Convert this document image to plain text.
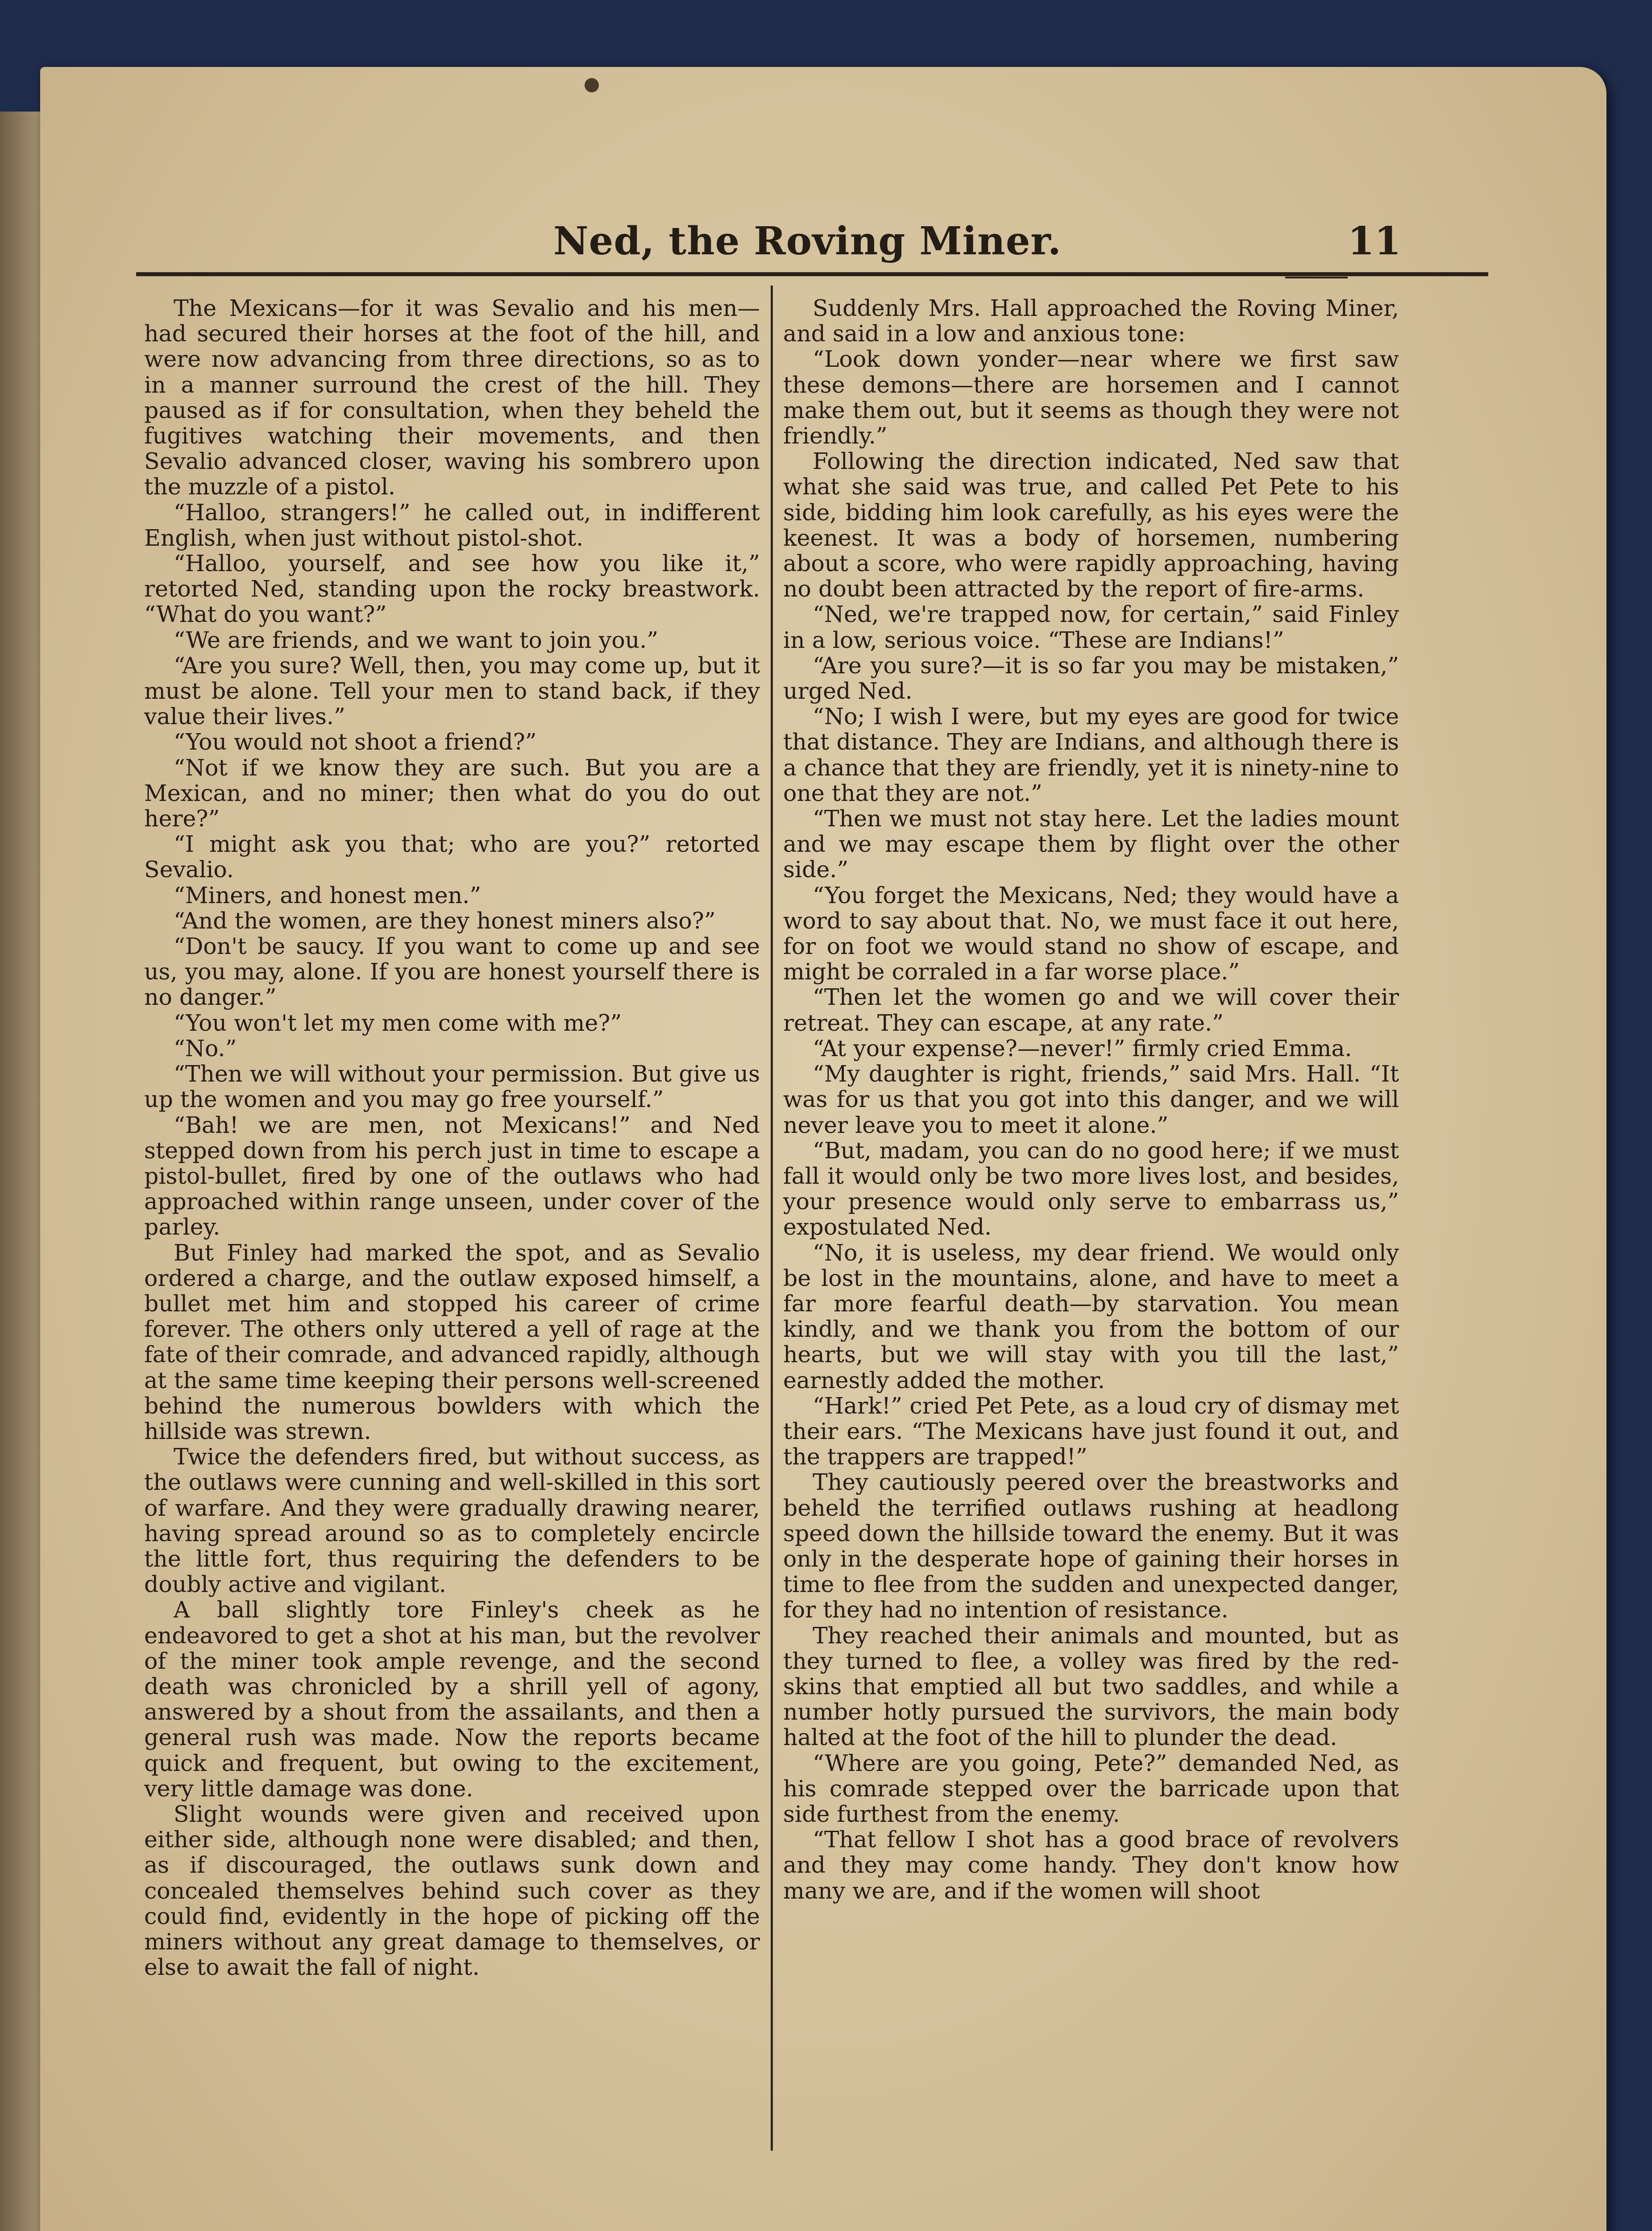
Ned, the Roving Miner.	11

The Mexicans—for it was Sevalio and his men—had secured their horses at the foot of the hill, and were now advancing from three directions, so as to in a manner surround the crest of the hill. They paused as if for consultation, when they beheld the fugitives watching their movements, and then Sevalio advanced closer, waving his sombrero upon the muzzle of a pistol.

“Halloo, strangers!” he called out, in indifferent English, when just without pistol-shot.

“Halloo, yourself, and see how you like it,” retorted Ned, standing upon the rocky breastwork. “What do you want?”

“We are friends, and we want to join you.”

“Are you sure? Well, then, you may come up, but it must be alone. Tell your men to stand back, if they value their lives.”

“You would not shoot a friend?”

“Not if we know they are such. But you are a Mexican, and no miner; then what do you do out here?”

“I might ask you that; who are you?” retorted Sevalio.

“Miners, and honest men.”

“And the women, are they honest miners also?”

“Don't be saucy. If you want to come up and see us, you may, alone. If you are honest yourself there is no danger.”

“You won't let my men come with me?”

“No.”

“Then we will without your permission. But give us up the women and you may go free yourself.”

“Bah! we are men, not Mexicans!” and Ned stepped down from his perch just in time to escape a pistol-bullet, fired by one of the outlaws who had approached within range unseen, under cover of the parley.

But Finley had marked the spot, and as Sevalio ordered a charge, and the outlaw exposed himself, a bullet met him and stopped his career of crime forever. The others only uttered a yell of rage at the fate of their comrade, and advanced rapidly, although at the same time keeping their persons well-screened behind the numerous bowlders with which the hillside was strewn.

Twice the defenders fired, but without success, as the outlaws were cunning and well-skilled in this sort of warfare. And they were gradually drawing nearer, having spread around so as to completely encircle the little fort, thus requiring the defenders to be doubly active and vigilant.

A ball slightly tore Finley's cheek as he endeavored to get a shot at his man, but the revolver of the miner took ample revenge, and the second death was chronicled by a shrill yell of agony, answered by a shout from the assailants, and then a general rush was made. Now the reports became quick and frequent, but owing to the excitement, very little damage was done.

Slight wounds were given and received upon either side, although none were disabled; and then, as if discouraged, the outlaws sunk down and concealed themselves behind such cover as they could find, evidently in the hope of picking off the miners without any great damage to themselves, or else to await the fall of night.

Suddenly Mrs. Hall approached the Roving Miner, and said in a low and anxious tone:

“Look down yonder—near where we first saw these demons—there are horsemen and I cannot make them out, but it seems as though they were not friendly.”

Following the direction indicated, Ned saw that what she said was true, and called Pet Pete to his side, bidding him look carefully, as his eyes were the keenest. It was a body of horsemen, numbering about a score, who were rapidly approaching, having no doubt been attracted by the report of fire-arms.

“Ned, we're trapped now, for certain,” said Finley in a low, serious voice. “These are Indians!”

“Are you sure?—it is so far you may be mistaken,” urged Ned.

“No; I wish I were, but my eyes are good for twice that distance. They are Indians, and although there is a chance that they are friendly, yet it is ninety-nine to one that they are not.”

“Then we must not stay here. Let the ladies mount and we may escape them by flight over the other side.”

“You forget the Mexicans, Ned; they would have a word to say about that. No, we must face it out here, for on foot we would stand no show of escape, and might be corraled in a far worse place.”

“Then let the women go and we will cover their retreat. They can escape, at any rate.”

“At your expense?—never!” firmly cried Emma.

“My daughter is right, friends,” said Mrs. Hall. “It was for us that you got into this danger, and we will never leave you to meet it alone.”

“But, madam, you can do no good here; if we must fall it would only be two more lives lost, and besides, your presence would only serve to embarrass us,” expostulated Ned.

“No, it is useless, my dear friend. We would only be lost in the mountains, alone, and have to meet a far more fearful death—by starvation. You mean kindly, and we thank you from the bottom of our hearts, but we will stay with you till the last,” earnestly added the mother.

“Hark!” cried Pet Pete, as a loud cry of dismay met their ears. “The Mexicans have just found it out, and the trappers are trapped!”

They cautiously peered over the breastworks and beheld the terrified outlaws rushing at headlong speed down the hillside toward the enemy. But it was only in the desperate hope of gaining their horses in time to flee from the sudden and unexpected danger, for they had no intention of resistance.

They reached their animals and mounted, but as they turned to flee, a volley was fired by the red-skins that emptied all but two saddles, and while a number hotly pursued the survivors, the main body halted at the foot of the hill to plunder the dead.

“Where are you going, Pete?” demanded Ned, as his comrade stepped over the barricade upon that side furthest from the enemy.

“That fellow I shot has a good brace of revolvers and they may come handy. They don't know how many we are, and if the women will shoot
